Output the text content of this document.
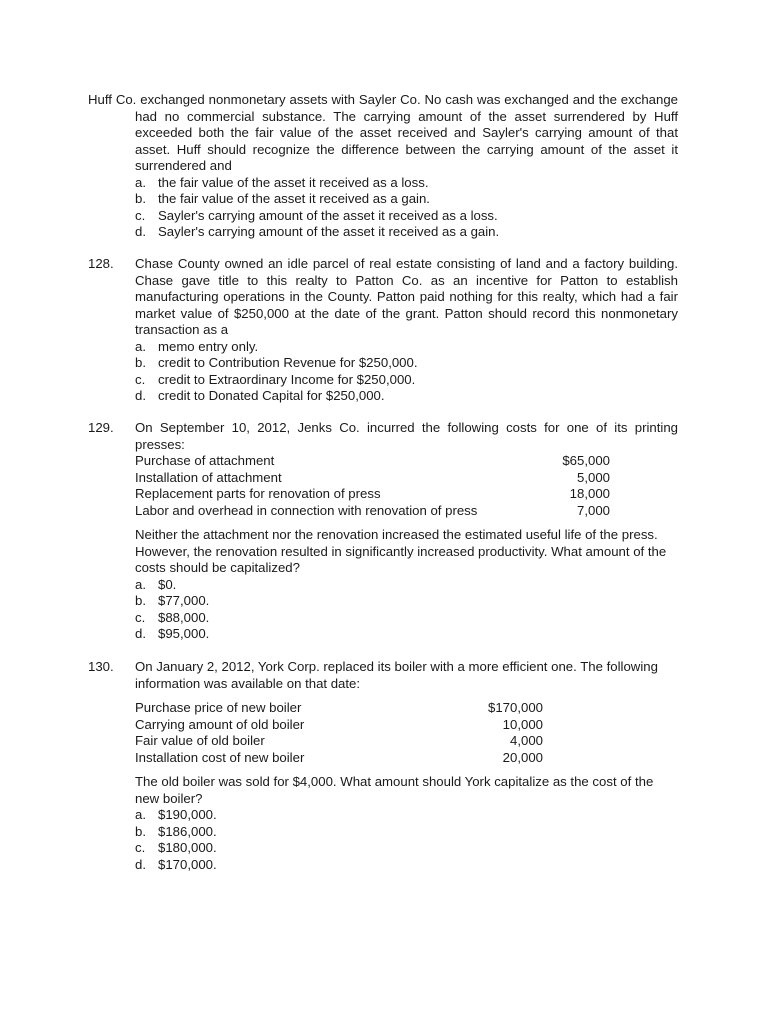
Huff Co. exchanged nonmonetary assets with Sayler Co. No cash was exchanged and the exchange had no commercial substance. The carrying amount of the asset surrendered by Huff exceeded both the fair value of the asset received and Sayler's carrying amount of that asset. Huff should recognize the difference between the carrying amount of the asset it surrendered and
a. the fair value of the asset it received as a loss.
b. the fair value of the asset it received as a gain.
c. Sayler's carrying amount of the asset it received as a loss.
d. Sayler's carrying amount of the asset it received as a gain.
128.	Chase County owned an idle parcel of real estate consisting of land and a factory building. Chase gave title to this realty to Patton Co. as an incentive for Patton to establish manufacturing operations in the County. Patton paid nothing for this realty, which had a fair market value of $250,000 at the date of the grant. Patton should record this nonmonetary transaction as a
a. memo entry only.
b. credit to Contribution Revenue for $250,000.
c. credit to Extraordinary Income for $250,000.
d. credit to Donated Capital for $250,000.
129.	On September 10, 2012, Jenks Co. incurred the following costs for one of its printing presses:
Purchase of attachment	$65,000
Installation of attachment	5,000
Replacement parts for renovation of press	18,000
Labor and overhead in connection with renovation of press	7,000
Neither the attachment nor the renovation increased the estimated useful life of the press. However, the renovation resulted in significantly increased productivity. What amount of the costs should be capitalized?
a. $0.
b. $77,000.
c. $88,000.
d. $95,000.
130.	On January 2, 2012, York Corp. replaced its boiler with a more efficient one. The following information was available on that date:
Purchase price of new boiler	$170,000
Carrying amount of old boiler	10,000
Fair value of old boiler	4,000
Installation cost of new boiler	20,000
The old boiler was sold for $4,000. What amount should York capitalize as the cost of the new boiler?
a. $190,000.
b. $186,000.
c. $180,000.
d. $170,000.
